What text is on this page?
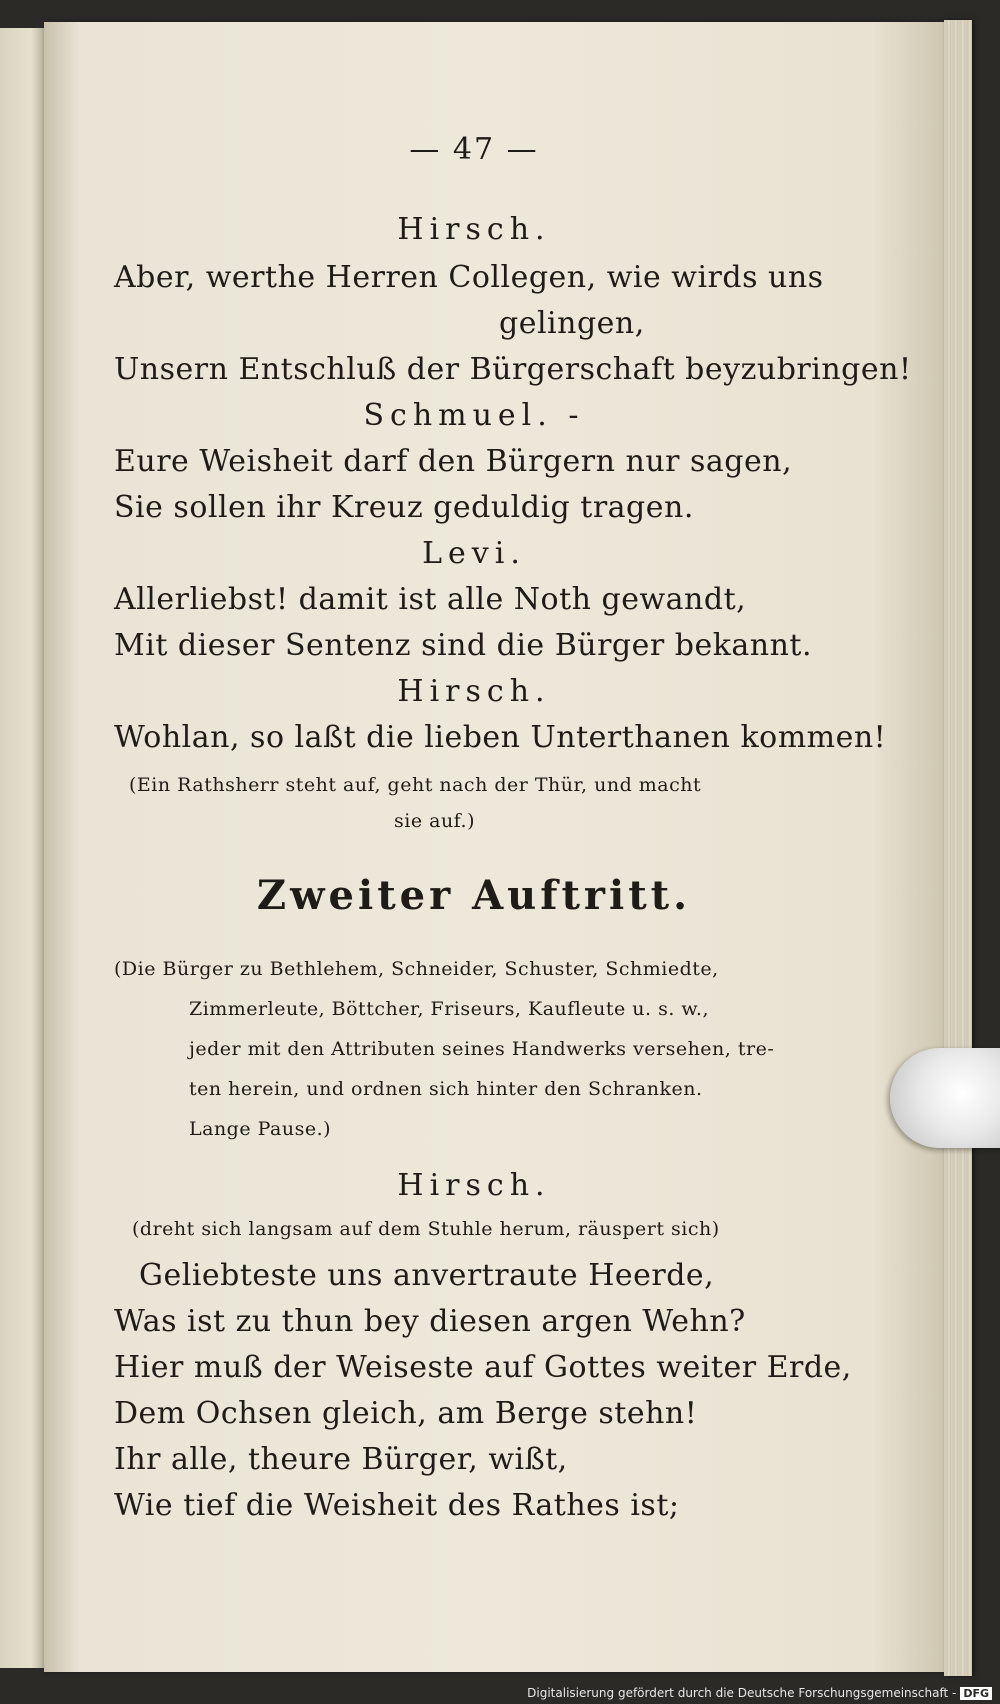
— 47 —
Hirsch.
Aber, werthe Herren Collegen, wie wirds uns
gelingen,
Unsern Entschluß der Bürgerschaft beyzubringen!
Schmuel. -
Eure Weisheit darf den Bürgern nur sagen,
Sie sollen ihr Kreuz geduldig tragen.
Levi.
Allerliebst! damit ist alle Noth gewandt,
Mit dieser Sentenz sind die Bürger bekannt.
Hirsch.
Wohlan, so laßt die lieben Unterthanen kommen!
(Ein Rathsherr steht auf, geht nach der Thür, und macht
sie auf.)
Zweiter Auftritt.
(Die Bürger zu Bethlehem, Schneider, Schuster, Schmiedte,
Zimmerleute, Böttcher, Friseurs, Kaufleute u. s. w.,
jeder mit den Attributen seines Handwerks versehen, tre-
ten herein, und ordnen sich hinter den Schranken.
Lange Pause.)
Hirsch.
(dreht sich langsam auf dem Stuhle herum, räuspert sich)
Geliebteste uns anvertraute Heerde,
Was ist zu thun bey diesen argen Wehn?
Hier muß der Weiseste auf Gottes weiter Erde,
Dem Ochsen gleich, am Berge stehn!
Ihr alle, theure Bürger, wißt,
Wie tief die Weisheit des Rathes ist;
Digitalisierung gefördert durch die Deutsche Forschungsgemeinschaft - DFG
